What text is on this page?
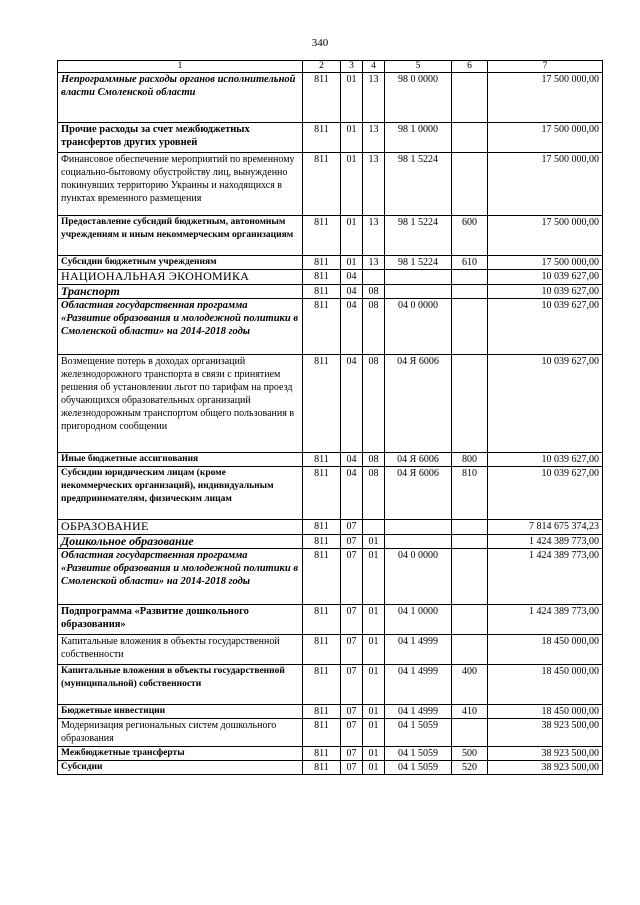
340
1	2	3	4	5	6	7
Непрограммные расходы органов исполнительной власти Смоленской области	811	01	13	98 0 0000		17 500 000,00
Прочие расходы за счет межбюджетных трансфертов других уровней	811	01	13	98 1 0000		17 500 000,00
Финансовое обеспечение мероприятий по временному социально-бытовому обустройству лиц, вынужденно покинувших территорию Украины и находящихся в пунктах временного размещения	811	01	13	98 1 5224		17 500 000,00
Предоставление субсидий бюджетным, автономным учреждениям и иным некоммерческим организациям	811	01	13	98 1 5224	600	17 500 000,00
Субсидии бюджетным учреждениям	811	01	13	98 1 5224	610	17 500 000,00
НАЦИОНАЛЬНАЯ ЭКОНОМИКА	811	04				10 039 627,00
Транспорт	811	04	08			10 039 627,00
Областная государственная программа «Развитие образования и молодежной политики в Смоленской области» на 2014-2018 годы	811	04	08	04 0 0000		10 039 627,00
Возмещение потерь в доходах организаций железнодорожного транспорта в связи с принятием решения об установлении льгот по тарифам на проезд обучающихся образовательных организаций железнодорожным транспортом общего пользования в пригородном сообщении	811	04	08	04 Я 6006		10 039 627,00
Иные бюджетные ассигнования	811	04	08	04 Я 6006	800	10 039 627,00
Субсидии юридическим лицам (кроме некоммерческих организаций), индивидуальным предпринимателям, физическим лицам	811	04	08	04 Я 6006	810	10 039 627,00
ОБРАЗОВАНИЕ	811	07				7 814 675 374,23
Дошкольное образование	811	07	01			1 424 389 773,00
Областная государственная программа «Развитие образования и молодежной политики в Смоленской области» на 2014-2018 годы	811	07	01	04 0 0000		1 424 389 773,00
Подпрограмма «Развитие дошкольного образования»	811	07	01	04 1 0000		1 424 389 773,00
Капитальные вложения в объекты государственной собственности	811	07	01	04 1 4999		18 450 000,00
Капитальные вложения в объекты государственной (муниципальной) собственности	811	07	01	04 1 4999	400	18 450 000,00
Бюджетные инвестиции	811	07	01	04 1 4999	410	18 450 000,00
Модернизация региональных систем дошкольного образования	811	07	01	04 1 5059		38 923 500,00
Межбюджетные трансферты	811	07	01	04 1 5059	500	38 923 500,00
Субсидии	811	07	01	04 1 5059	520	38 923 500,00
